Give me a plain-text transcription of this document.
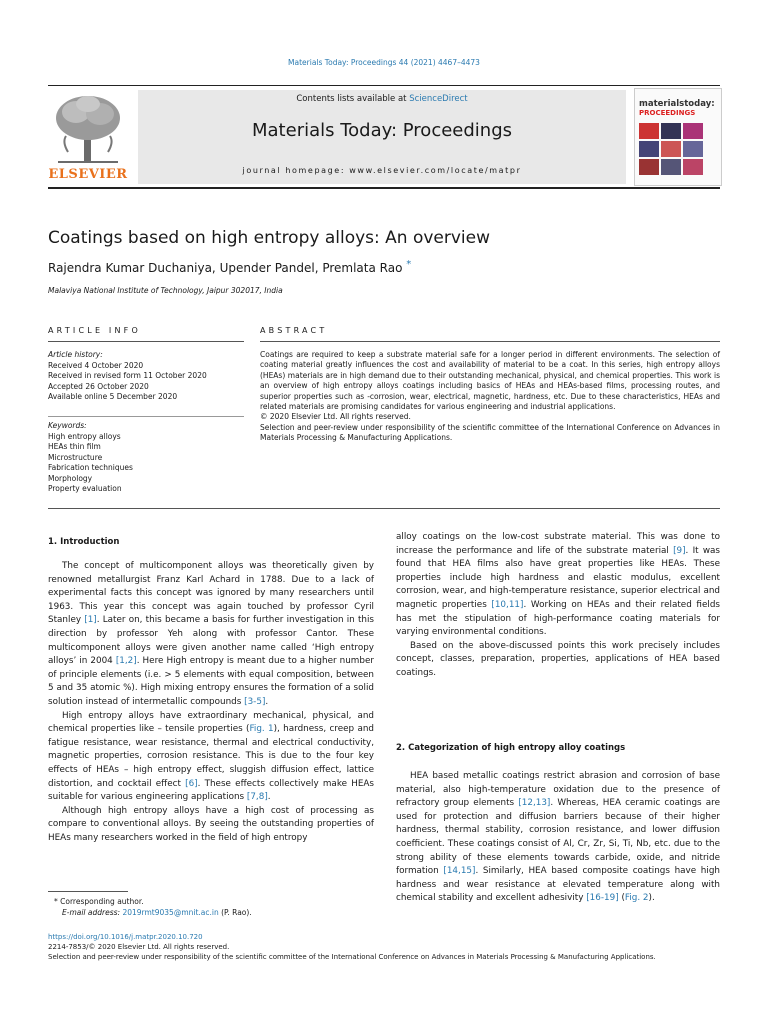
Materials Today: Proceedings 44 (2021) 4467–4473
ELSEVIER
Contents lists available at ScienceDirect
Materials Today: Proceedings
journal homepage: www.elsevier.com/locate/matpr
materialstoday:
PROCEEDINGS
Coatings based on high entropy alloys: An overview
Rajendra Kumar Duchaniya, Upender Pandel, Premlata Rao *
Malaviya National Institute of Technology, Jaipur 302017, India
ARTICLE INFO	ABSTRACT
Article history:
Received 4 October 2020
Received in revised form 11 October 2020
Accepted 26 October 2020
Available online 5 December 2020
Keywords:
High entropy alloys
HEAs thin film
Microstructure
Fabrication techniques
Morphology
Property evaluation

Coatings are required to keep a substrate material safe for a longer period in different environments. The selection of coating material greatly influences the cost and availability of material to be a coat. In this series, high entropy alloys (HEAs) materials are in high demand due to their outstanding mechanical, physical, and chemical properties. This work is an overview of high entropy alloys coatings including basics of HEAs and HEAs-based films, processing routes, and superior properties such as -corrosion, wear, electrical, magnetic, hardness, etc. Due to these characteristics, HEAs and related materials are promising candidates for various engineering and industrial applications.

© 2020 Elsevier Ltd. All rights reserved.

Selection and peer-review under responsibility of the scientific committee of the International Conference on Advances in Materials Processing & Manufacturing Applications.

1. Introduction

The concept of multicomponent alloys was theoretically given by renowned metallurgist Franz Karl Achard in 1788. Due to a lack of experimental facts this concept was ignored by many researchers until 1963. This year this concept was again touched by professor Cyril Stanley [1]. Later on, this became a basis for further investigation in this direction by professor Yeh along with professor Cantor. These multicomponent alloys were given another name called ‘High entropy alloys’ in 2004 [1,2]. Here High entropy is meant due to a higher number of principle elements (i.e. > 5 elements with equal composition, between 5 and 35 atomic %). High mixing entropy ensures the formation of a solid solution instead of intermetallic compounds [3-5].

High entropy alloys have extraordinary mechanical, physical, and chemical properties like – tensile properties (Fig. 1), hardness, creep and fatigue resistance, wear resistance, thermal and electrical conductivity, magnetic properties, corrosion resistance. This is due to the four key effects of HEAs – high entropy effect, sluggish diffusion effect, lattice distortion, and cocktail effect [6]. These effects collectively make HEAs suitable for various engineering applications [7,8].

Although high entropy alloys have a high cost of processing as compare to conventional alloys. By seeing the outstanding properties of HEAs many researchers worked in the field of high entropy

alloy coatings on the low-cost substrate material. This was done to increase the performance and life of the substrate material [9]. It was found that HEA films also have great properties like HEAs. These properties include high hardness and elastic modulus, excellent corrosion, wear, and high-temperature resistance, superior electrical and magnetic properties [10,11]. Working on HEAs and their related fields has met the stipulation of high-performance coating materials for varying environmental conditions.

Based on the above-discussed points this work precisely includes concept, classes, preparation, properties, applications of HEA based coatings.

2. Categorization of high entropy alloy coatings

HEA based metallic coatings restrict abrasion and corrosion of base material, also high-temperature oxidation due to the presence of refractory group elements [12,13]. Whereas, HEA ceramic coatings are used for protection and diffusion barriers because of their higher hardness, thermal stability, corrosion resistance, and lower diffusion coefficient. These coatings consist of Al, Cr, Zr, Si, Ti, Nb, etc. due to the strong ability of these elements towards carbide, oxide, and nitride formation [14,15]. Similarly, HEA based composite coatings have high hardness and wear resistance at elevated temperature along with chemical stability and excellent adhesivity [16-19] (Fig. 2).

* Corresponding author.
E-mail address: 2019rmt9035@mnit.ac.in (P. Rao).
https://doi.org/10.1016/j.matpr.2020.10.720
2214-7853/© 2020 Elsevier Ltd. All rights reserved.
Selection and peer-review under responsibility of the scientific committee of the International Conference on Advances in Materials Processing & Manufacturing Applications.
